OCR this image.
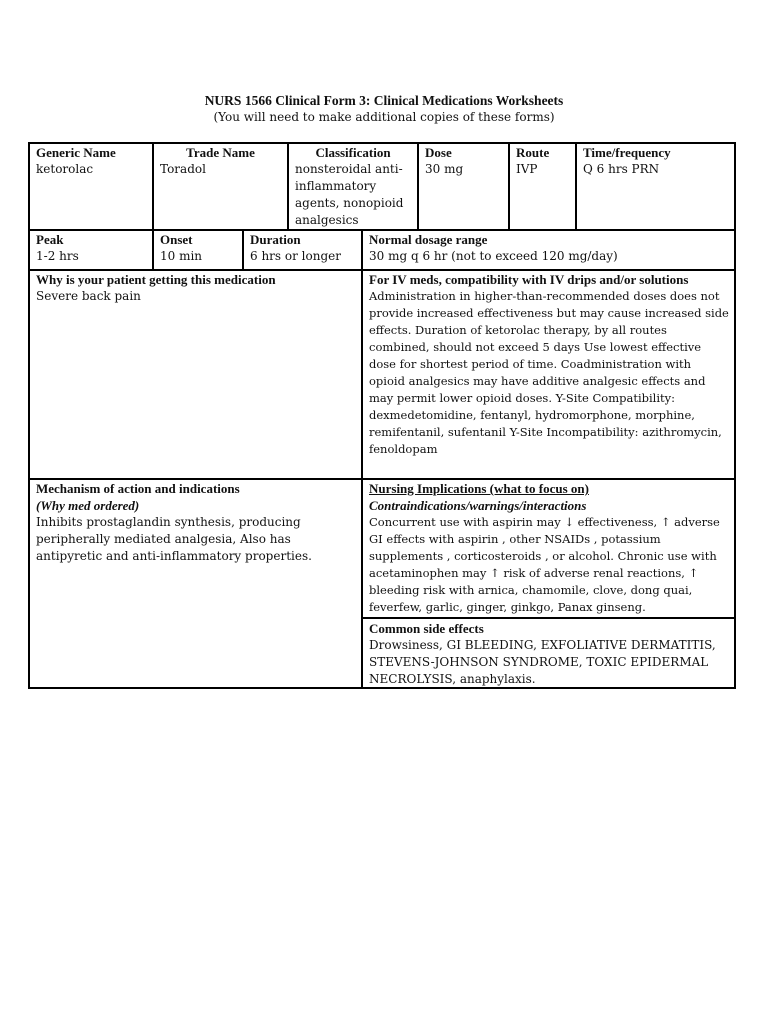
NURS 1566 Clinical Form 3: Clinical Medications Worksheets
(You will need to make additional copies of these forms)
Generic Name
ketorolac
Trade Name
Toradol
Classification
nonsteroidal anti-inflammatory agents, nonopioid analgesics
Dose
30 mg
Route
IVP
Time/frequency
Q 6 hrs PRN
Peak
1-2 hrs
Onset
10 min
Duration
6 hrs or longer
Normal dosage range
30 mg q 6 hr (not to exceed 120 mg/day)
Why is your patient getting this medication
Severe back pain
For IV meds, compatibility with IV drips and/or solutions
Administration in higher-than-recommended doses does not provide increased effectiveness but may cause increased side effects. Duration of ketorolac therapy, by all routes combined, should not exceed 5 days Use lowest effective dose for shortest period of time. Coadministration with opioid analgesics may have additive analgesic effects and may permit lower opioid doses. Y-Site Compatibility: dexmedetomidine, fentanyl, hydromorphone, morphine, remifentanil, sufentanil Y-Site Incompatibility: azithromycin, fenoldopam
Mechanism of action and indications
(Why med ordered)
Inhibits prostaglandin synthesis, producing peripherally mediated analgesia, Also has antipyretic and anti-inflammatory properties.
Nursing Implications (what to focus on)
Contraindications/warnings/interactions
Concurrent use with aspirin may ↓ effectiveness, ↑ adverse GI effects with aspirin , other NSAIDs , potassium supplements , corticosteroids , or alcohol. Chronic use with acetaminophen may ↑ risk of adverse renal reactions, ↑ bleeding risk with arnica, chamomile, clove, dong quai, feverfew, garlic, ginger, ginkgo, Panax ginseng.
Common side effects
Drowsiness, GI BLEEDING, EXFOLIATIVE DERMATITIS, STEVENS-JOHNSON SYNDROME, TOXIC EPIDERMAL NECROLYSIS, anaphylaxis.
